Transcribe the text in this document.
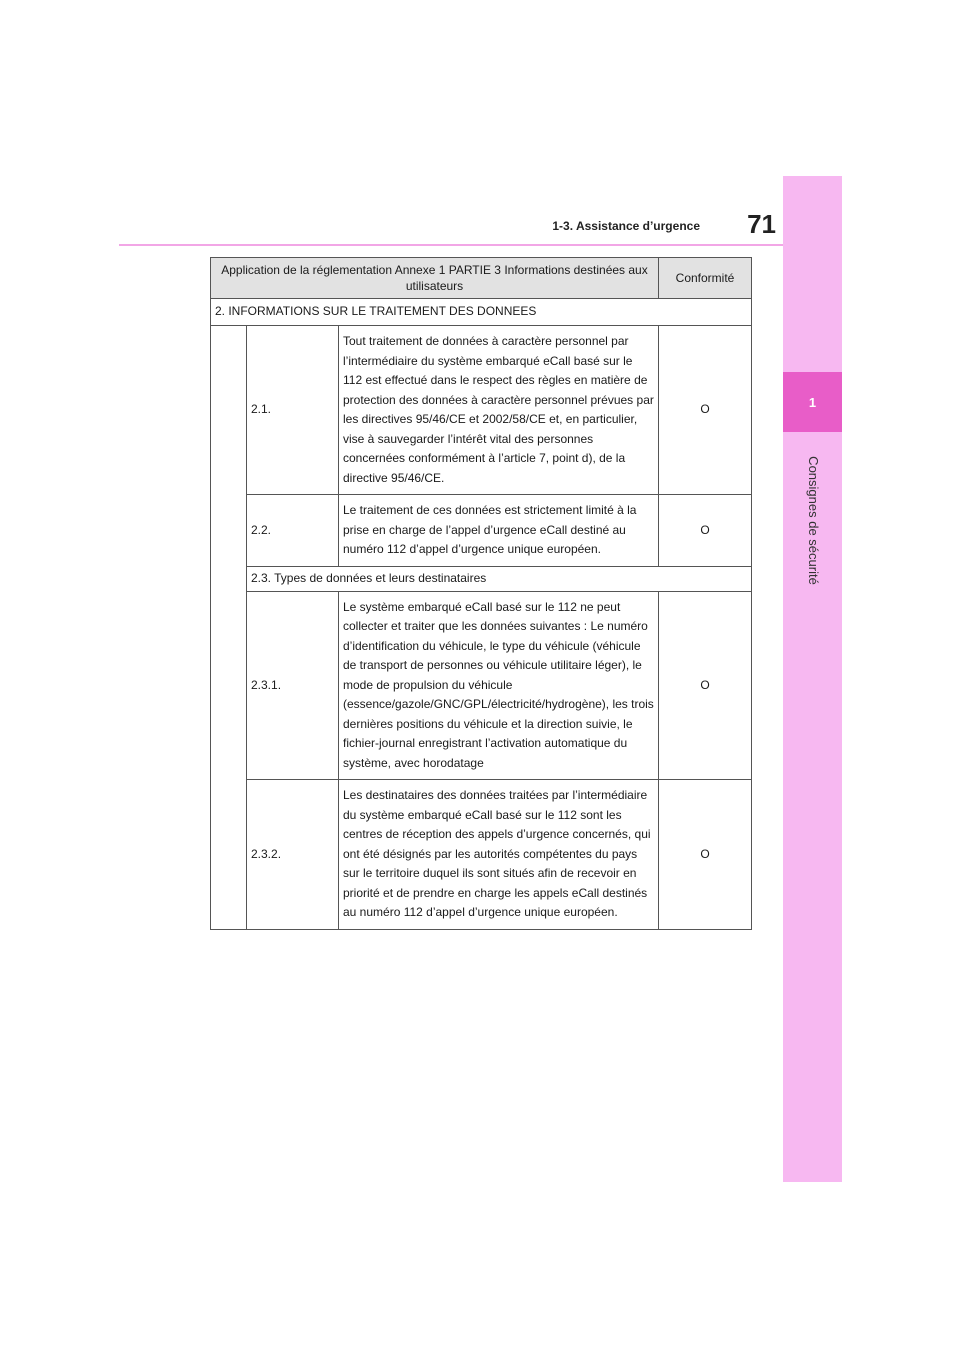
1
Consignes de sécurité
71
1-3. Assistance d’urgence
Application de la réglementation Annexe 1 PARTIE 3 Informations destinées aux utilisateurs			Conformité
2. INFORMATIONS SUR LE TRAITEMENT DES DONNEES			
	2.1.	Tout traitement de données à caractère personnel par l’intermédiaire du système embarqué eCall basé sur le 112 est effectué dans le respect des règles en matière de protection des données à caractère personnel prévues par les directives 95/46/CE et 2002/58/CE et, en particulier, vise à sauvegarder l’intérêt vital des personnes concernées conformément à l’article 7, point d), de la directive 95/46/CE.	O
	2.2.	Le traitement de ces données est strictement limité à la prise en charge de l’appel d’urgence eCall destiné au numéro 112 d’appel d’urgence unique européen.	O
	2.3. Types de données et leurs destinataires		
	2.3.1.	Le système embarqué eCall basé sur le 112 ne peut collecter et traiter que les données suivantes : Le numéro d’identification du véhicule, le type du véhicule (véhicule de transport de personnes ou véhicule utilitaire léger), le mode de propulsion du véhicule (essence/gazole/GNC/GPL/électricité/hydrogène), les trois dernières positions du véhicule et la direction suivie, le fichier-journal enregistrant l’activation automatique du système, avec horodatage	O
	2.3.2.	Les destinataires des données traitées par l’intermédiaire du système embarqué eCall basé sur le 112 sont les centres de réception des appels d’urgence concernés, qui ont été désignés par les autorités compétentes du pays sur le territoire duquel ils sont situés afin de recevoir en priorité et de prendre en charge les appels eCall destinés au numéro 112 d’appel d’urgence unique européen.	O
